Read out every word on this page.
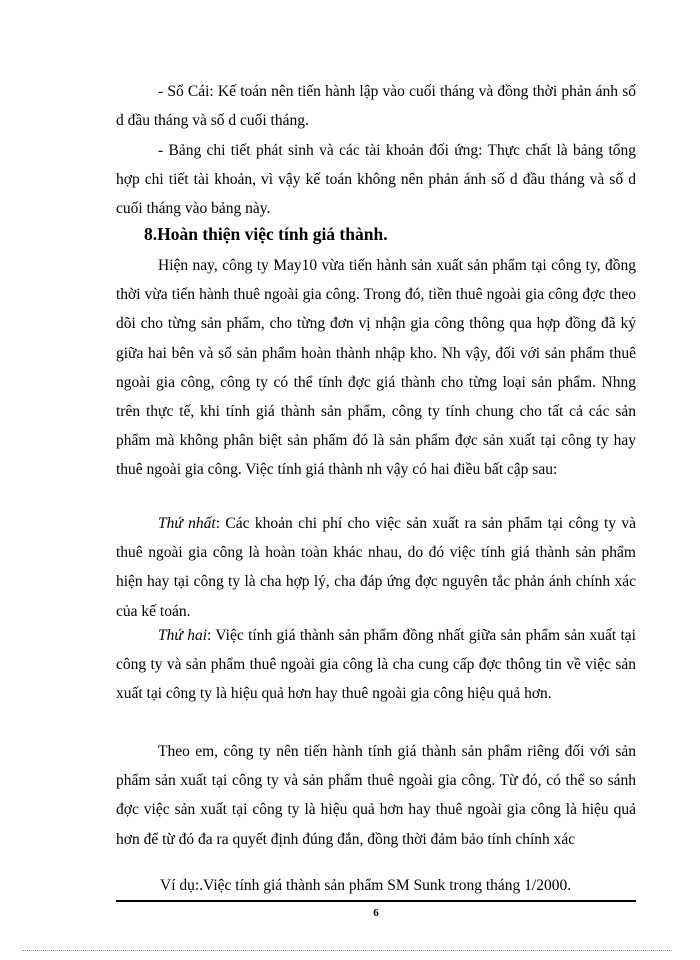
- Sổ Cái: Kế toán nên tiến hành lập vào cuối tháng và đồng thời phản ánh số d đầu tháng và số d cuối tháng.

- Bảng chi tiết phát sinh và các tài khoản đối ứng: Thực chất là bảng tổng hợp chi tiết tài khoản, vì vậy kế toán không nên phản ánh số d đầu tháng và số d cuối tháng vào bảng này.

8.Hoàn thiện việc tính giá thành.

Hiện nay, công ty May10 vừa tiến hành sản xuất sản phẩm tại công ty, đồng thời vừa tiến hành thuê ngoài gia công. Trong đó, tiền thuê ngoài gia công đợc theo dõi cho từng sản phẩm, cho từng đơn vị nhận gia công thông qua hợp đồng đã ký giữa hai bên và số sản phẩm hoàn thành nhập kho. Nh vậy, đối với sản phẩm thuê ngoài gia công, công ty có thể tính đợc giá thành cho từng loại sản phẩm. Nhng trên thực tế, khi tính giá thành sản phẩm, công ty tính chung cho tất cả các sản phẩm mà không phân biệt sản phẩm đó là sản phẩm đợc sản xuất tại công ty hay thuê ngoài gia công. Việc tính giá thành nh vậy có hai điều bất cập sau:

Thứ nhất: Các khoản chi phí cho việc sản xuất ra sản phẩm tại công ty và thuê ngoài gia công là hoàn toàn khác nhau, do đó việc tính giá thành sản phẩm hiện hay tại công ty là cha hợp lý, cha đáp ứng đợc nguyên tắc phản ánh chính xác của kế toán.

Thứ hai: Việc tính giá thành sản phẩm đồng nhất giữa sản phẩm sản xuất tại công ty và sản phẩm thuê ngoài gia công là cha cung cấp đợc thông tin về việc sản xuất tại công ty là hiệu quả hơn hay thuê ngoài gia công hiệu quả hơn.

Theo em, công ty nên tiến hành tính giá thành sản phẩm riêng đối với sản phẩm sản xuất tại công ty và sản phẩm thuê ngoài gia công. Từ đó, có thể so sánh đợc việc sản xuất tại công ty là hiệu quả hơn hay thuê ngoài gia công là hiệu quả hơn để từ đó đa ra quyết định đúng đắn, đồng thời đảm bảo tính chính xác

Ví dụ:.Việc tính giá thành sản phẩm SM Sunk trong tháng 1/2000.

6
